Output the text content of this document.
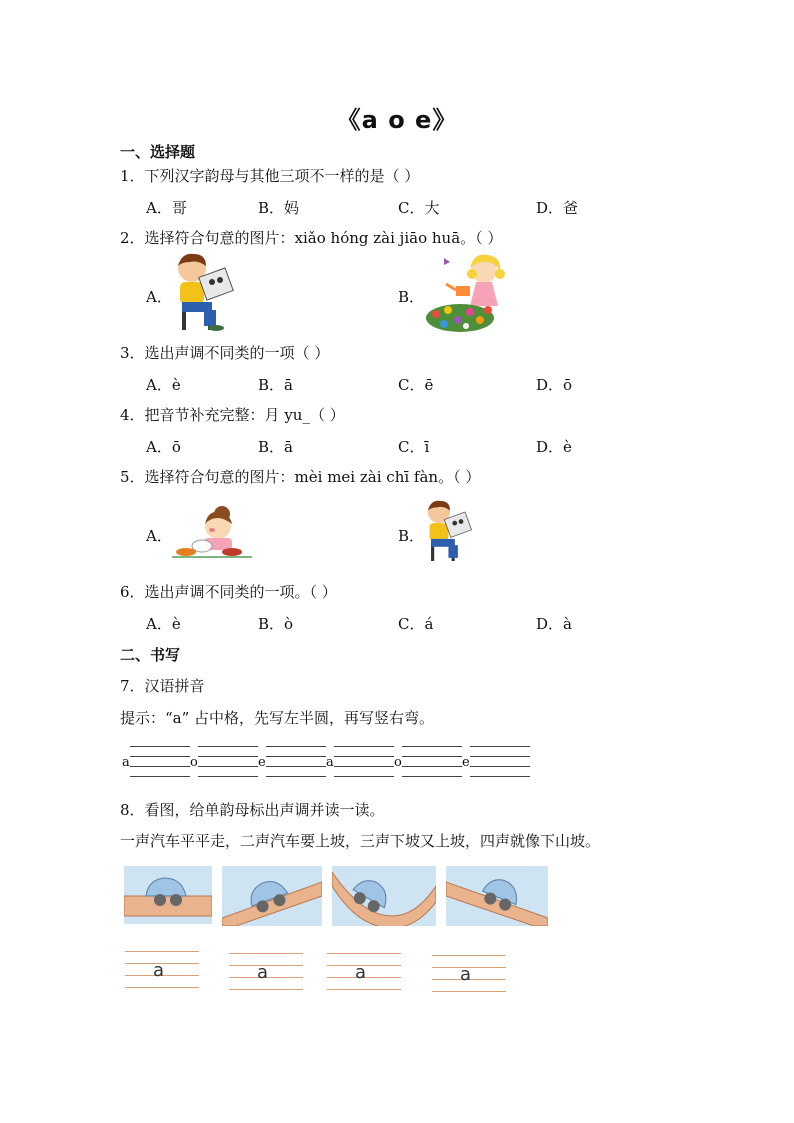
《a o e》
一、选择题
1．下列汉字韵母与其他三项不一样的是（ ）
A．哥	B．妈	C．大	D．爸
2．选择符合句意的图片：xiǎo hóng zài jiāo huā。（ ）
A．	B．
3．选出声调不同类的一项（ ）
A．è	B．ā	C．ē	D．ō
4．把音节补充完整：月 yu_（ ）
A．ō	B．ā	C．ī	D．è
5．选择符合句意的图片：mèi mei zài chī fàn。（ ）
A．	B．
6．选出声调不同类的一项。（ ）
A．è	B．ò	C．á	D．à
二、书写
7．汉语拼音
提示：“a” 占中格，先写左半圆，再写竖右弯。
a	o	e	a	o	e
8．看图，给单韵母标出声调并读一读。
一声汽车平平走，二声汽车要上坡，三声下坡又上坡，四声就像下山坡。
a	a	a	a
